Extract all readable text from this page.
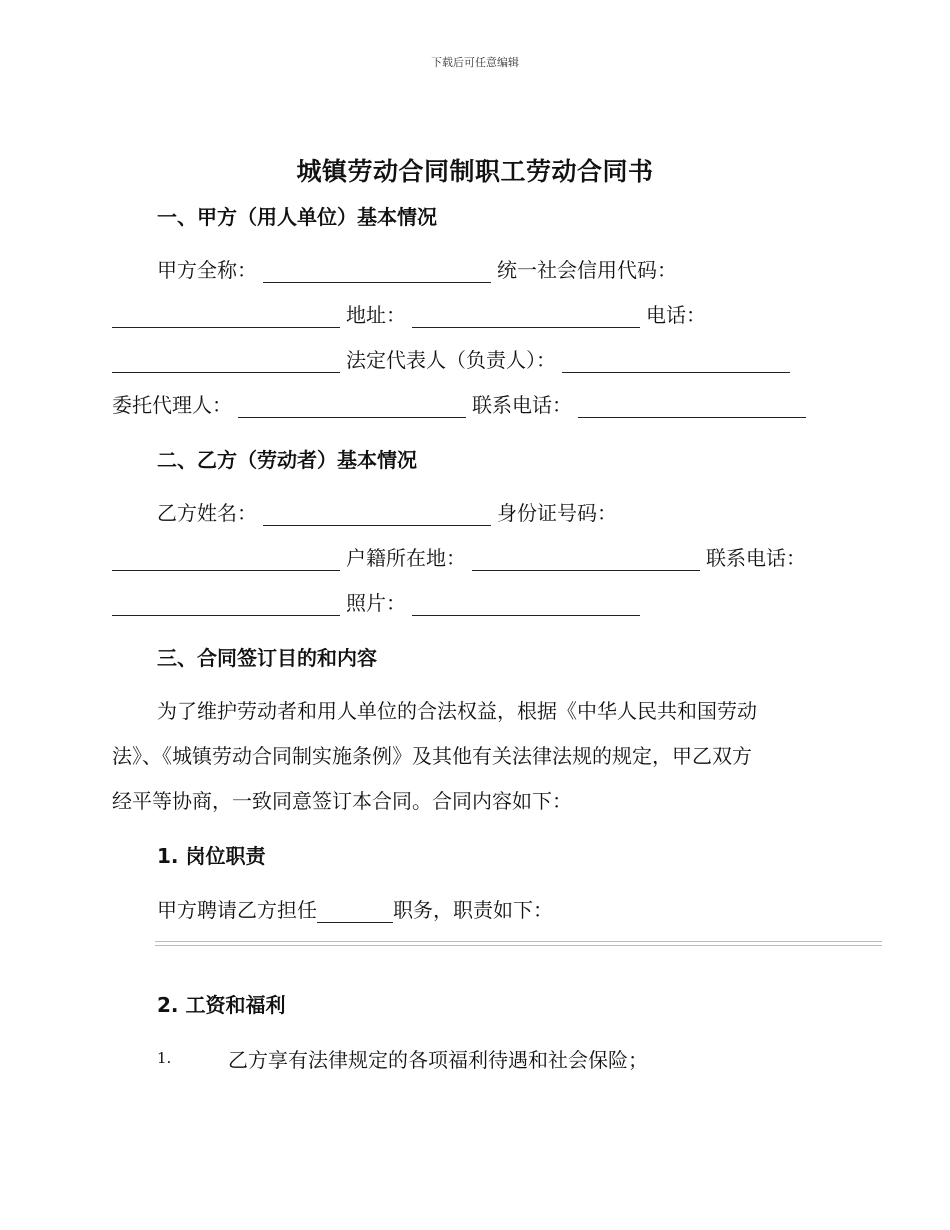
下载后可任意编辑
城镇劳动合同制职工劳动合同书
一、甲方（用人单位）基本情况
甲方全称：	统一社会信用代码：
地址：	电话：
法定代表人（负责人）：
委托代理人：	联系电话：
二、乙方（劳动者）基本情况
乙方姓名：	身份证号码：
户籍所在地：	联系电话：
照片：
三、合同签订目的和内容
为了维护劳动者和用人单位的合法权益，根据《中华人民共和国劳动
法》、《城镇劳动合同制实施条例》及其他有关法律法规的规定，甲乙双方
经平等协商，一致同意签订本合同。合同内容如下：
1. 岗位职责
甲方聘请乙方担任	职务，职责如下：
2. 工资和福利
1.	乙方享有法律规定的各项福利待遇和社会保险；
